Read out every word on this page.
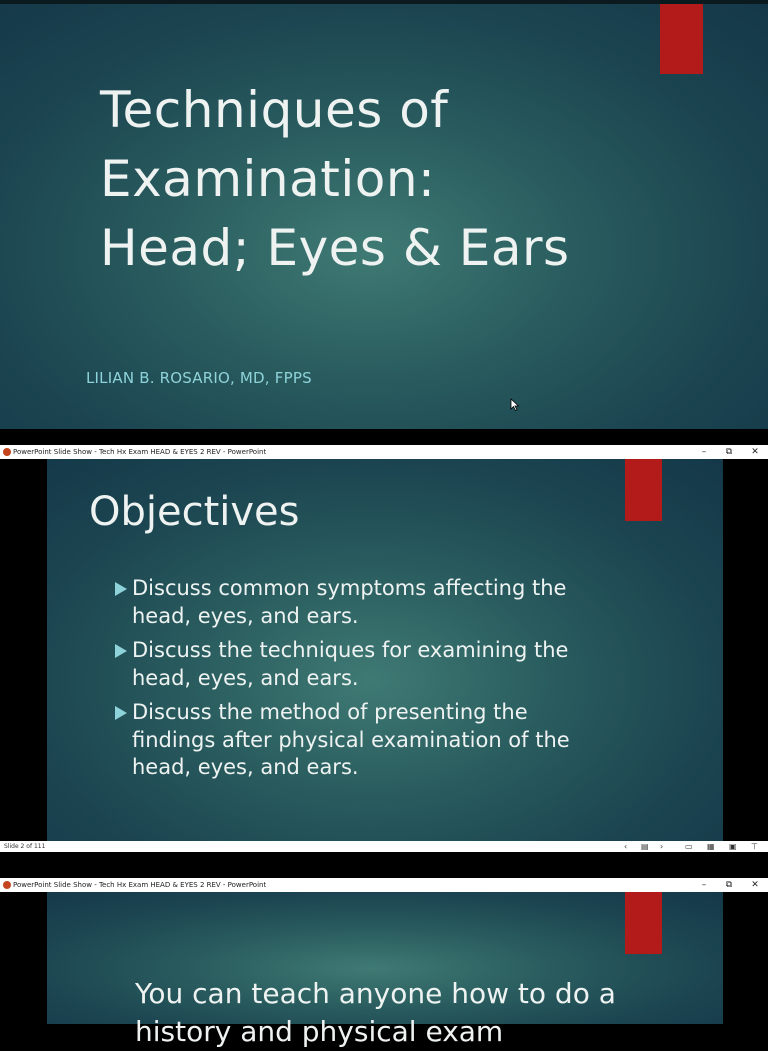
Techniques of
Examination:
Head; Eyes & Ears
LILIAN B. ROSARIO, MD, FPPS
PowerPoint Slide Show - Tech Hx Exam HEAD & EYES 2 REV - PowerPoint	–	⧉	✕
Objectives
Discuss common symptoms affecting the head, eyes, and ears.
Discuss the techniques for examining the head, eyes, and ears.
Discuss the method of presenting the findings after physical examination of the head, eyes, and ears.
Slide 2 of 111	‹ ▤ ›	▭ ▦ ▣ ⊤
PowerPoint Slide Show - Tech Hx Exam HEAD & EYES 2 REV - PowerPoint	–	⧉	✕
You can teach anyone how to do a history and physical exam
